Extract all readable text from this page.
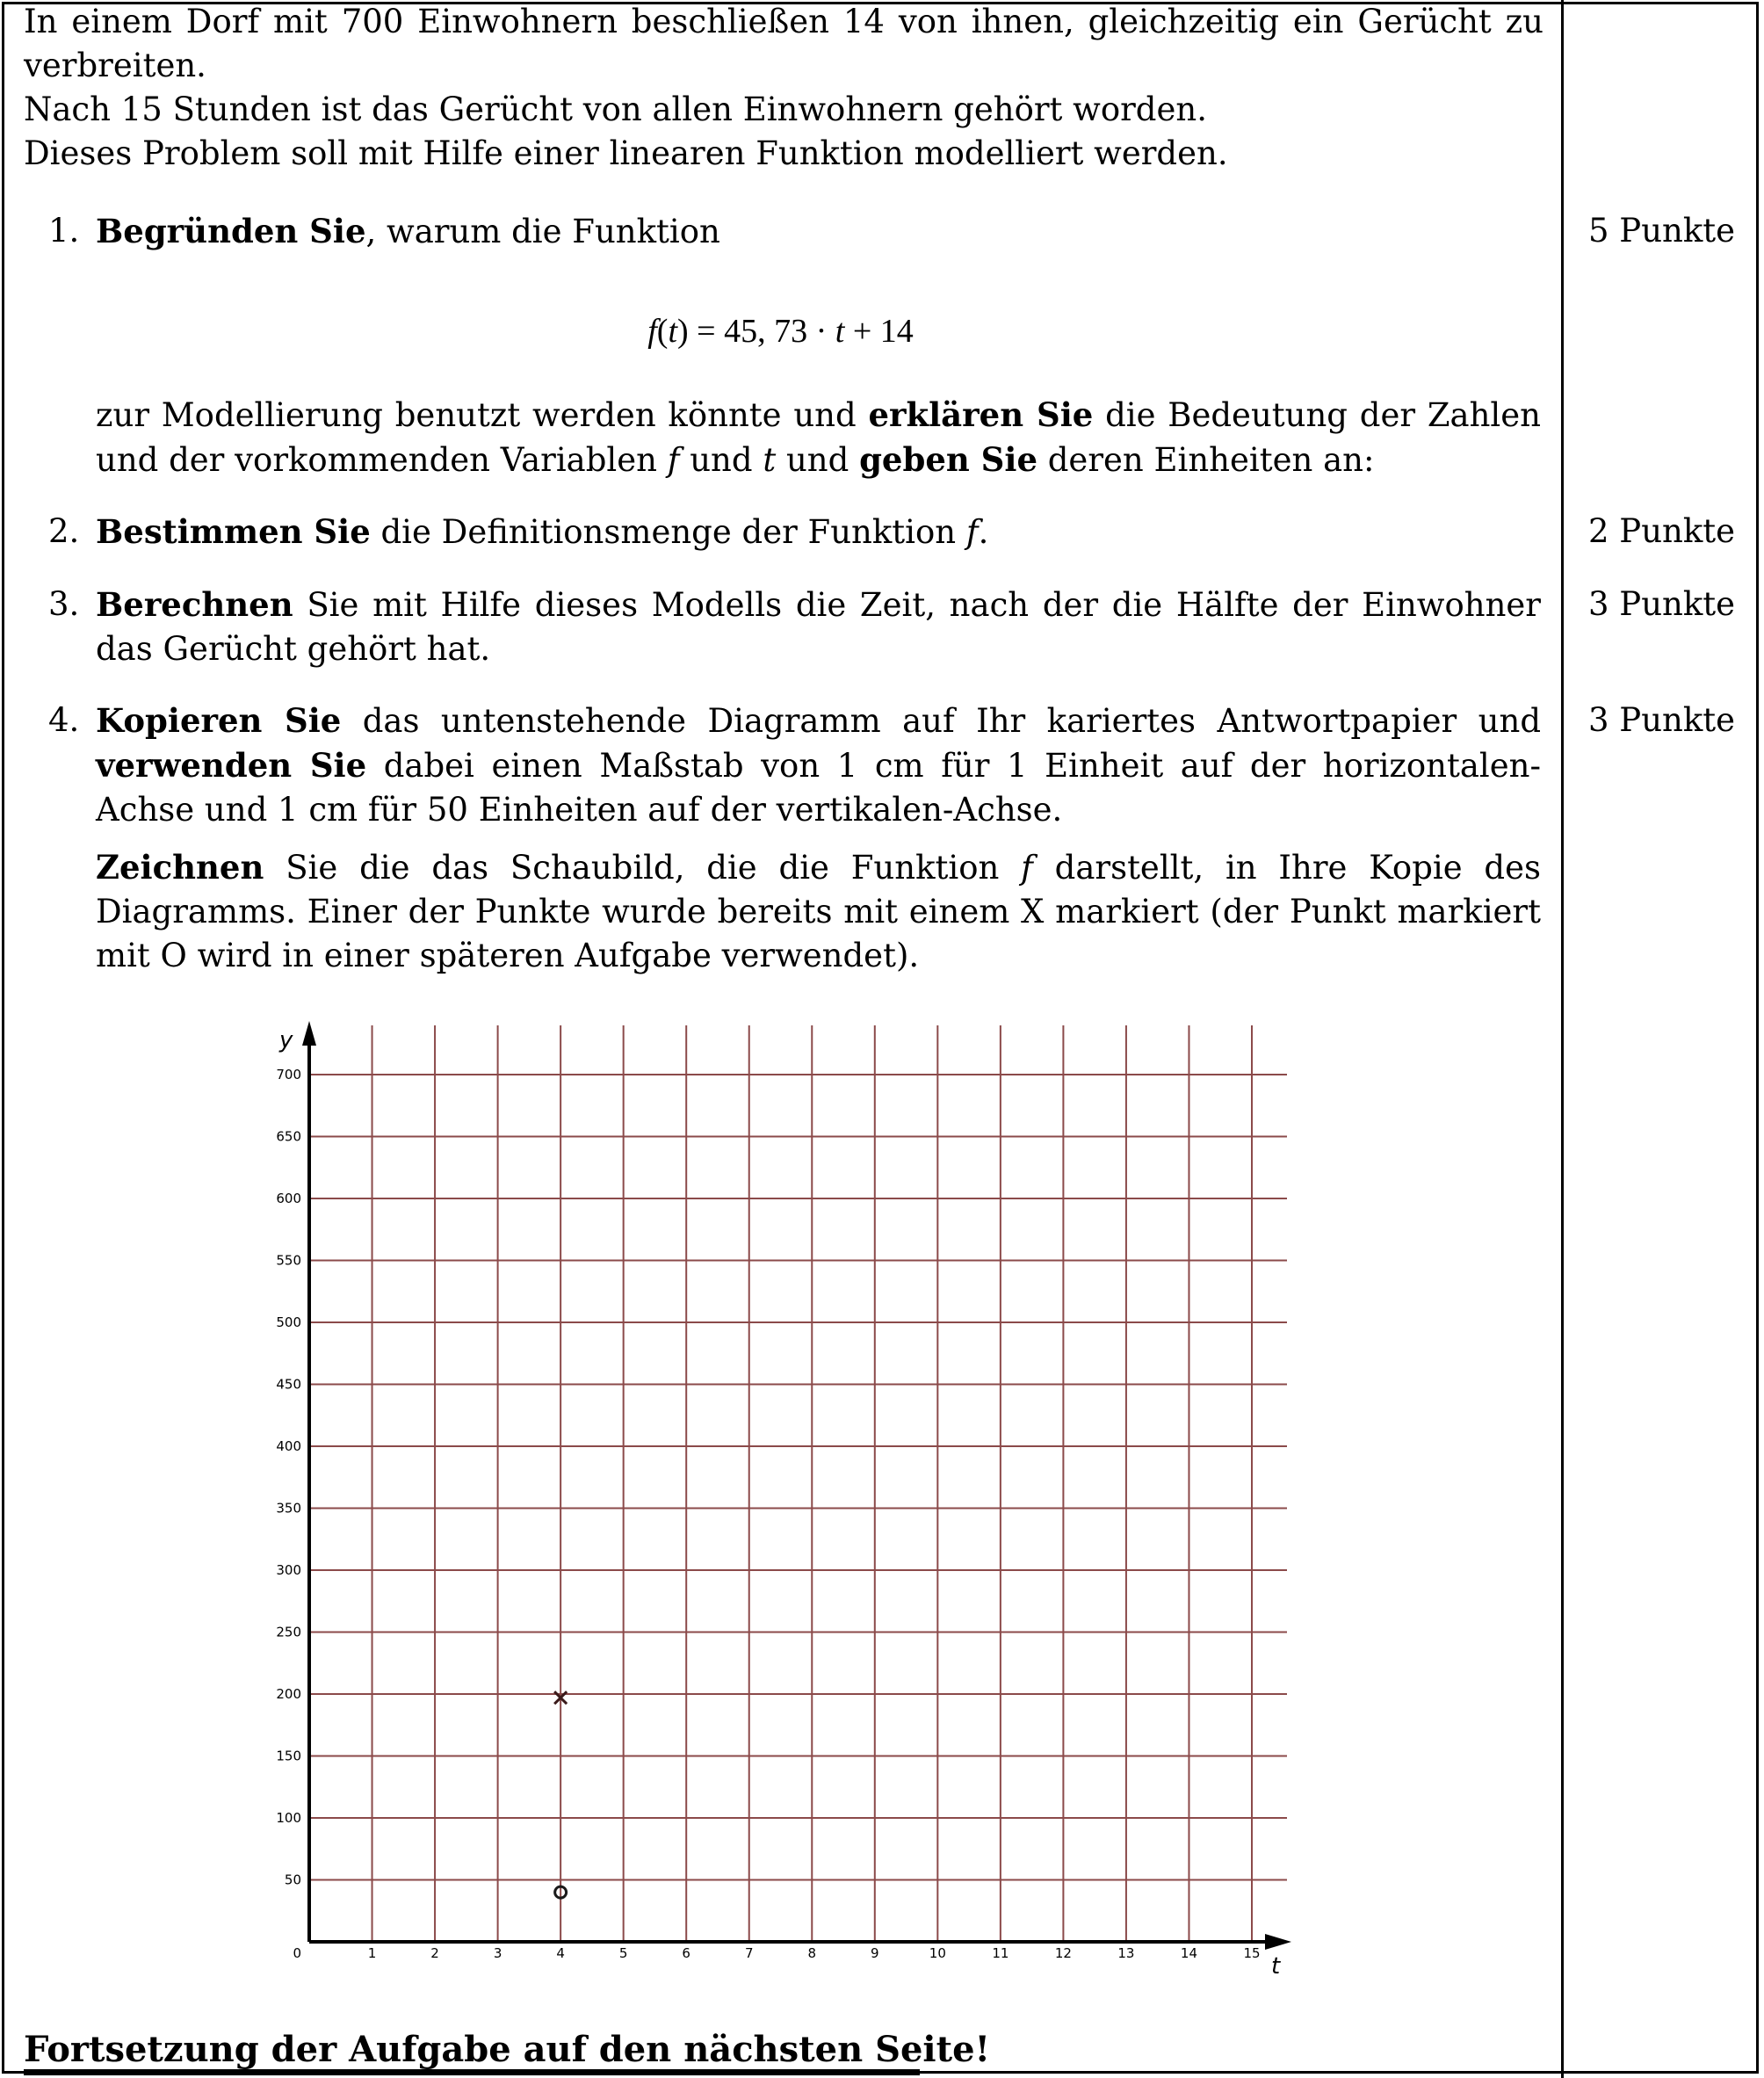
In einem Dorf mit 700 Einwohnern beschließen 14 von ihnen, gleichzeitig ein Gerücht zu verbreiten.

Nach 15 Stunden ist das Gerücht von allen Einwohnern gehört worden.

Dieses Problem soll mit Hilfe einer linearen Funktion modelliert werden.

1. Begründen Sie, warum die Funktion	5 Punkte
f(t) = 45, 73 · t + 14
zur Modellierung benutzt werden könnte und erklären Sie die Bedeutung der Zahlen und der vorkommenden Variablen f und t und geben Sie deren Einheiten an:
2. Bestimmen Sie die Definitionsmenge der Funktion f.	2 Punkte
3. Berechnen Sie mit Hilfe dieses Modells die Zeit, nach der die Hälfte der Einwohner das Gerücht gehört hat.
3 Punkte
4. Kopieren Sie das untenstehende Diagramm auf Ihr kariertes Antwortpapier und verwenden Sie dabei einen Maßstab von 1 cm für 1 Einheit auf der horizontalen-Achse und 1 cm für 50 Einheiten auf der vertikalen-Achse.
3 Punkte
Zeichnen Sie die das Schaubild, die die Funktion f darstellt, in Ihre Kopie des Diagramms. Einer der Punkte wurde bereits mit einem X markiert (der Punkt markiert mit O wird in einer späteren Aufgabe verwendet).
1	2	3	4	5	6	7	8	9	10	11	12	13	14	15
50
100
150
200
250
300
350
400
450
500
550
600
650
700
0	t
y
Fortsetzung der Aufgabe auf den nächsten Seite!
